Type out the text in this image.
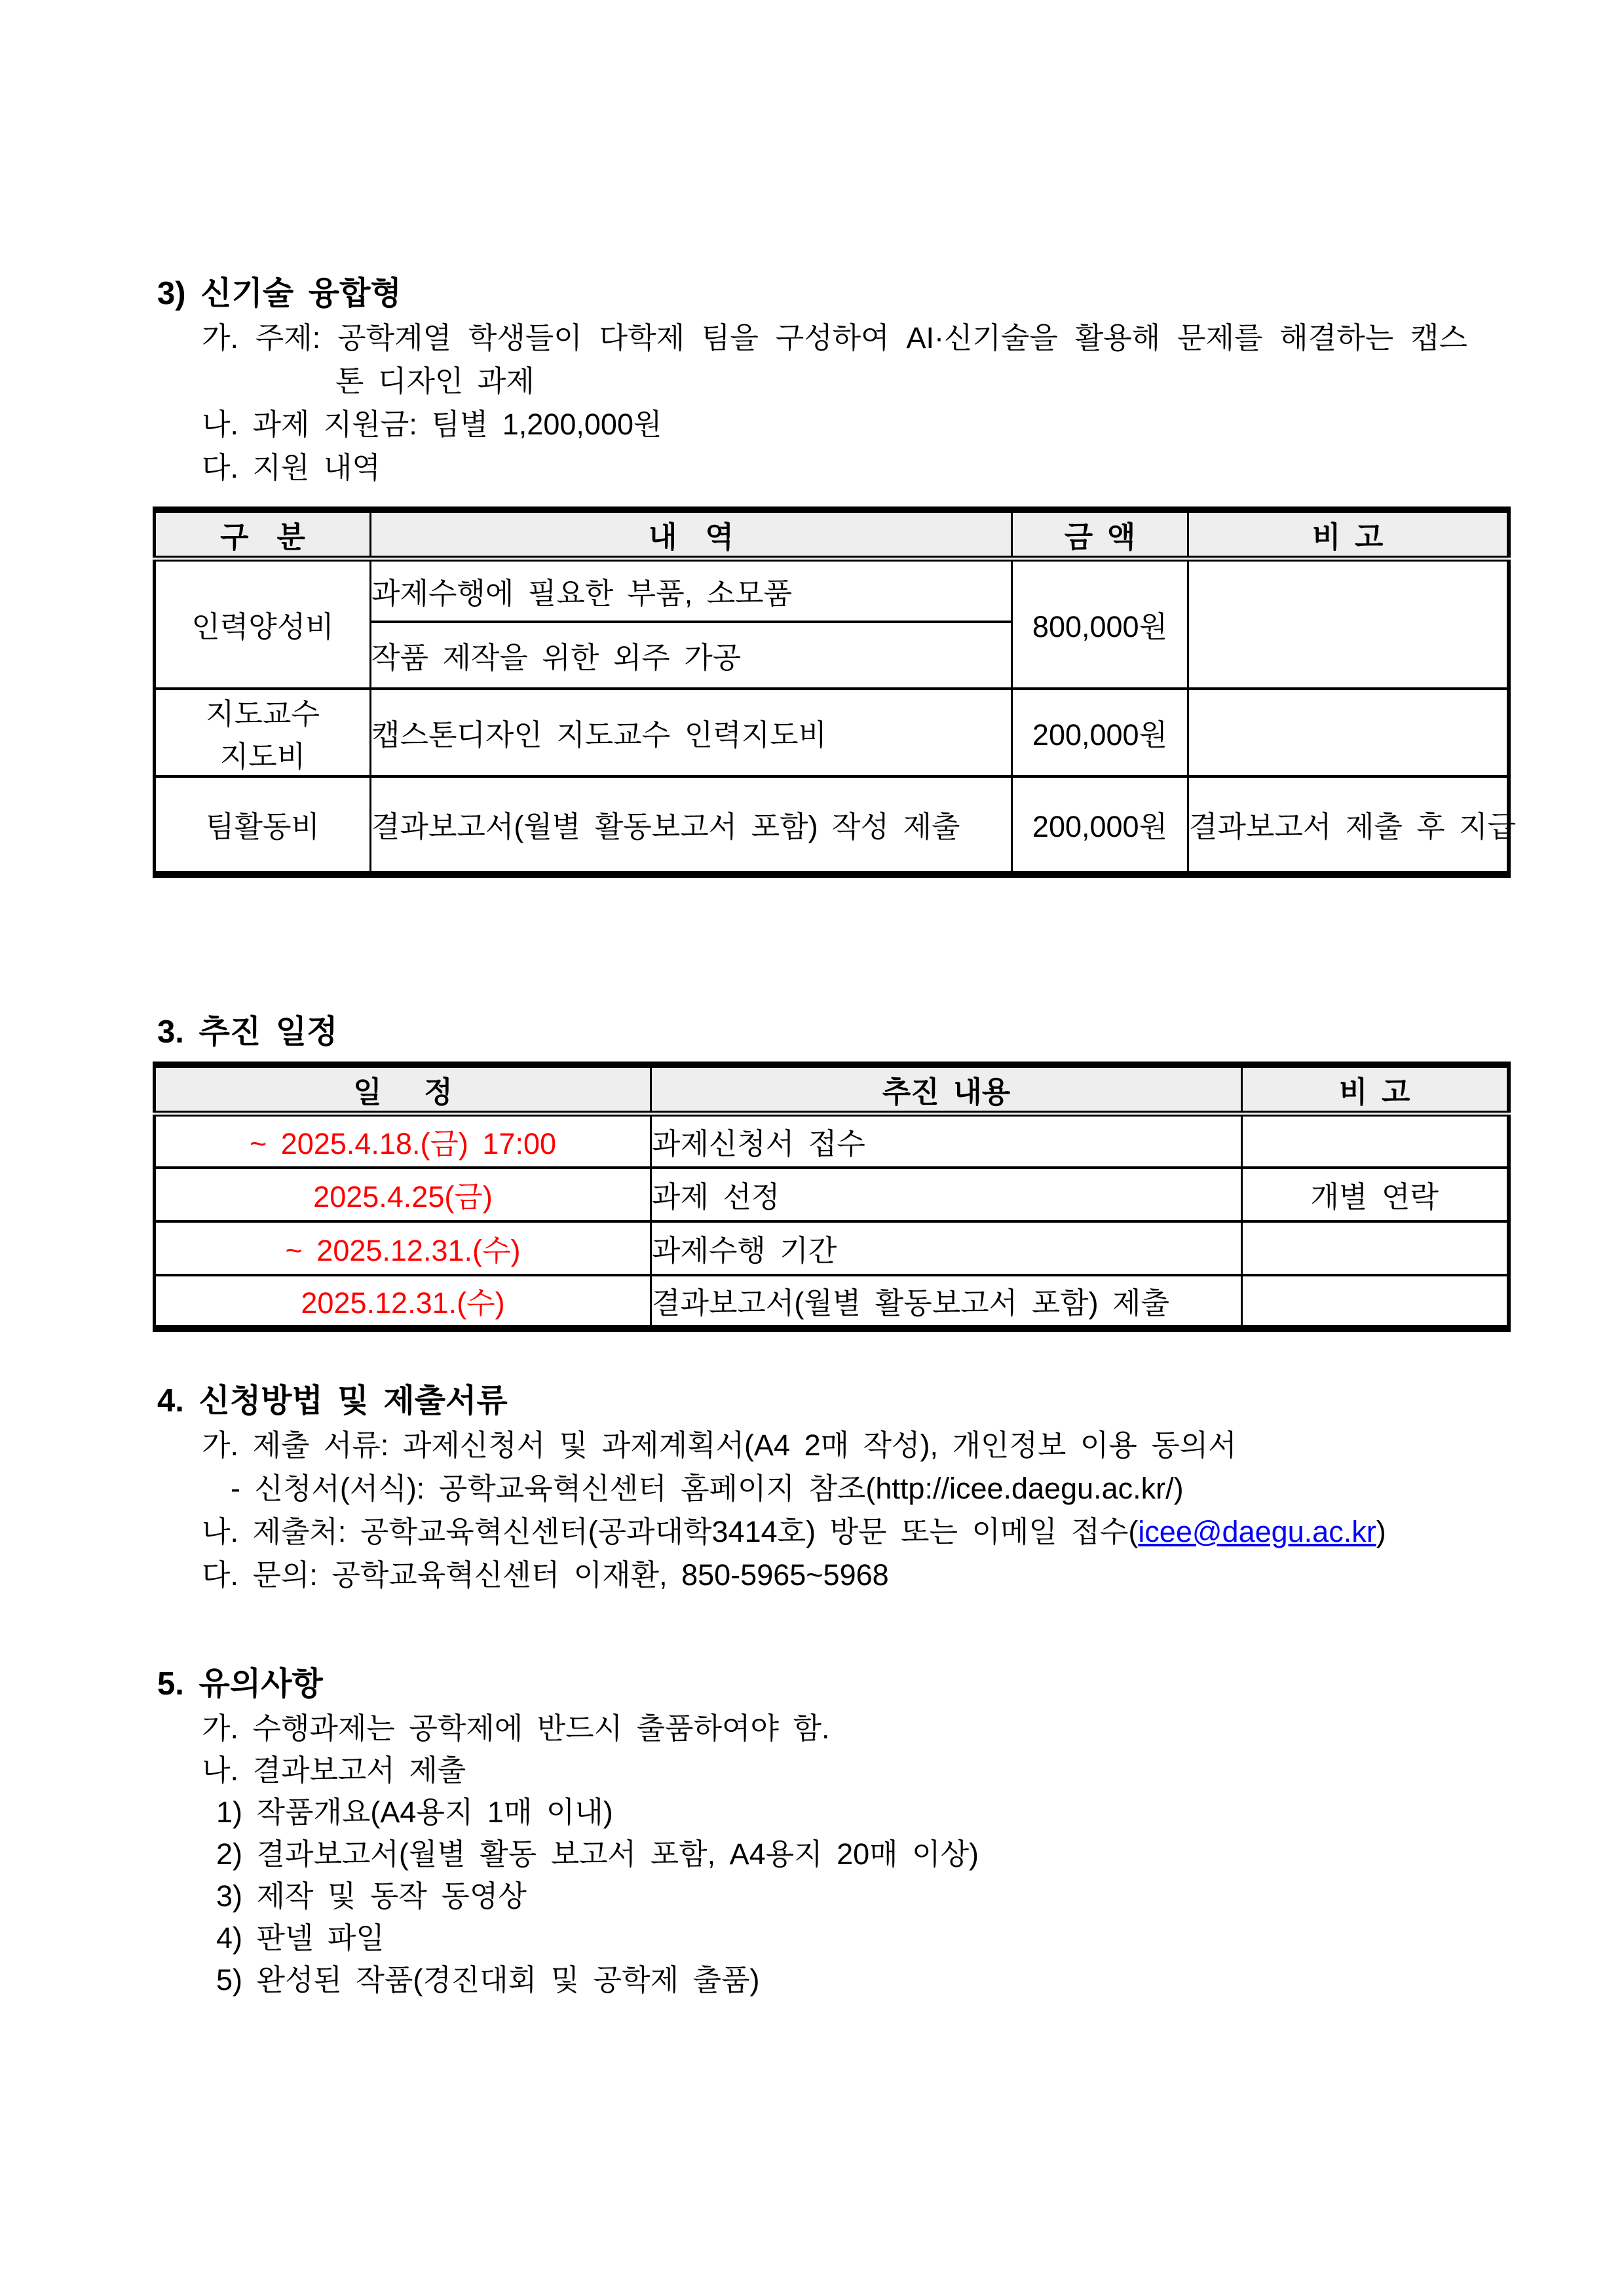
3) 신기술 융합형
가. 주제: 공학계열 학생들이 다학제 팀을 구성하여 AI·신기술을 활용해 문제를 해결하는 캡스
톤 디자인 과제
나. 과제 지원금: 팀별 1,200,000원
다. 지원 내역
구  분	내  역	금 액	비 고
인력양성비	과제수행에 필요한 부품, 소모품	800,000원	
	작품 제작을 위한 외주 가공		
지도교수
지도비	캡스톤디자인 지도교수 인력지도비	200,000원	
팀활동비	결과보고서(월별 활동보고서 포함) 작성 제출	200,000원	결과보고서 제출 후 지급
3. 추진 일정
일   정	추진 내용	비 고
~ 2025.4.18.(금) 17:00	과제신청서 접수	
2025.4.25(금)	과제 선정	개별 연락
~ 2025.12.31.(수)	과제수행 기간	
2025.12.31.(수)	결과보고서(월별 활동보고서 포함) 제출	
4. 신청방법 및 제출서류
가. 제출 서류: 과제신청서 및 과제계획서(A4 2매 작성), 개인정보 이용 동의서
- 신청서(서식): 공학교육혁신센터 홈페이지 참조(http://icee.daegu.ac.kr/)
나. 제출처: 공학교육혁신센터(공과대학3414호) 방문 또는 이메일 접수(icee@daegu.ac.kr)
다. 문의: 공학교육혁신센터 이재환, 850-5965~5968
5. 유의사항
가. 수행과제는 공학제에 반드시 출품하여야 함.
나. 결과보고서 제출
1) 작품개요(A4용지 1매 이내)
2) 결과보고서(월별 활동 보고서 포함, A4용지 20매 이상)
3) 제작 및 동작 동영상
4) 판넬 파일
5) 완성된 작품(경진대회 및 공학제 출품)
